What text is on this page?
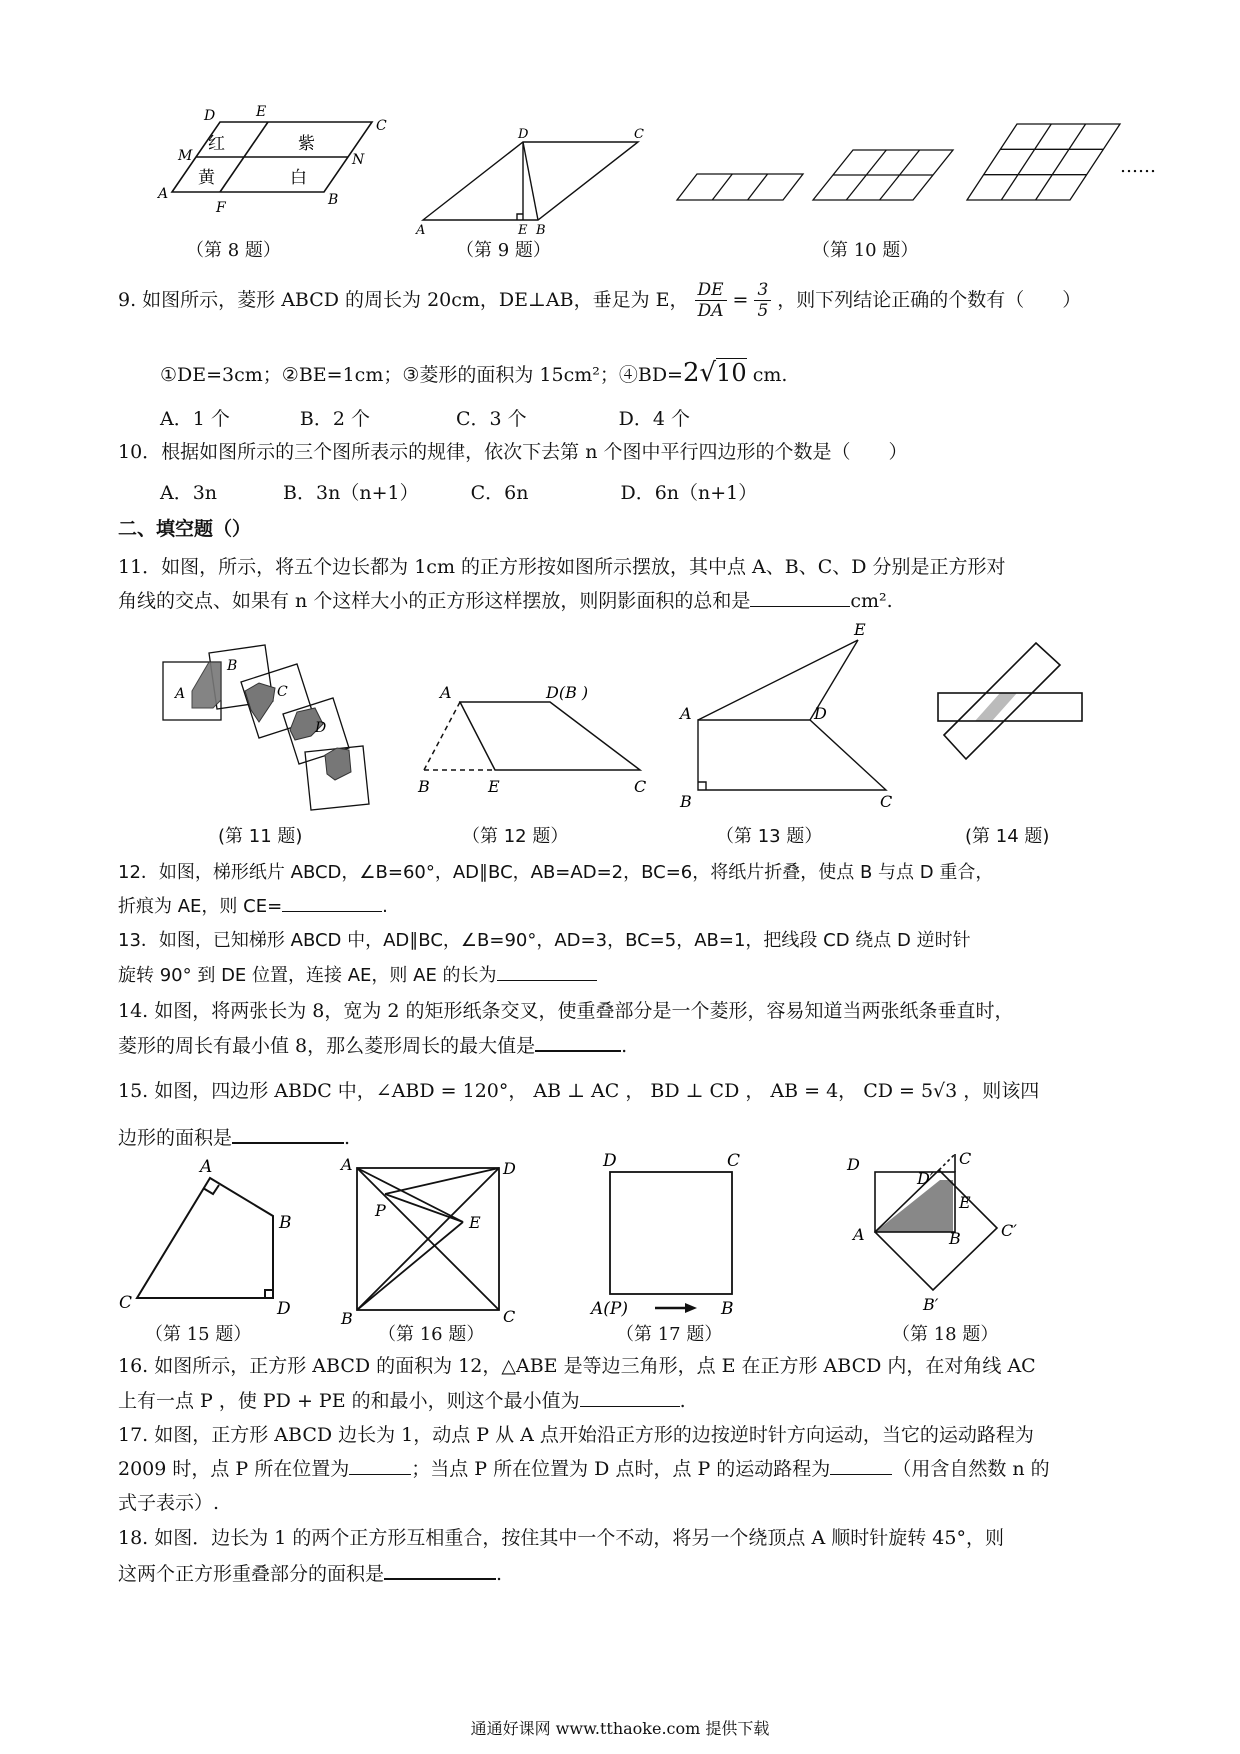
红	紫
黄	白
D	E
C
M	N
A
F	B
（第 8 题）
D	C
A	E B
（第 9 题）
……
（第 10 题）
9. 如图所示，菱形 ABCD 的周长为 20cm，DE⊥AB，垂足为 E， $\frac{DE}{DA} = \frac{3}{5}$ ，则下列结论正确的个数有（　　）
①DE=3cm；②BE=1cm；③菱形的面积为 15cm²；④BD=2√10 cm.
A．1 个	B．2 个	C．3 个	D．4 个
10．根据如图所示的三个图所表示的规律，依次下去第 n 个图中平行四边形的个数是（　　）
A．3n	B．3n（n+1）	C．6n	D．6n（n+1）
二、填空题（）
11．如图，所示，将五个边长都为 1cm 的正方形按如图所示摆放，其中点 A、B、C、D 分别是正方形对
角线的交点、如果有 n 个这样大小的正方形这样摆放，则阴影面积的总和是	cm².
A
B
C
D
(第 11 题)
A	D(B )
B	E	C
（第 12 题）
E
A	D
B	C
（第 13 题）	(第 14 题)
12．如图，梯形纸片 ABCD，∠B=60°，AD∥BC，AB=AD=2，BC=6，将纸片折叠，使点 B 与点 D 重合，
折痕为 AE，则 CE=	.
13．如图，已知梯形 ABCD 中，AD∥BC，∠B=90°，AD=3，BC=5，AB=1，把线段 CD 绕点 D 逆时针
旋转 90° 到 DE 位置，连接 AE，则 AE 的长为
14. 如图，将两张长为 8，宽为 2 的矩形纸条交叉，使重叠部分是一个菱形，容易知道当两张纸条垂直时，
菱形的周长有最小值 8，那么菱形周长的最大值是	.
15. 如图，四边形 ABDC 中，∠ABD = 120°， AB ⊥ AC ， BD ⊥ CD ， AB = 4， CD = 5√3 ，则该四
边形的面积是	.
A
B
C	D
（第 15 题）
A	D
P
E
B	C
（第 16 题）
D	C
A(P)	B
（第 17 题）
D	C
D′
E
A	B	C′
B′
（第 18 题）
16. 如图所示，正方形 ABCD 的面积为 12，△ABE 是等边三角形，点 E 在正方形 ABCD 内，在对角线 AC
上有一点 P ，使 PD + PE 的和最小，则这个最小值为	.
17. 如图，正方形 ABCD 边长为 1，动点 P 从 A 点开始沿正方形的边按逆时针方向运动，当它的运动路程为
2009 时，点 P 所在位置为	；当点 P 所在位置为 D 点时，点 P 的运动路程为	（用含自然数 n 的
式子表示）.
18. 如图．边长为 1 的两个正方形互相重合，按住其中一个不动，将另一个绕顶点 A 顺时针旋转 45°，则
这两个正方形重叠部分的面积是	.
通通好课网 www.tthaoke.com 提供下载
